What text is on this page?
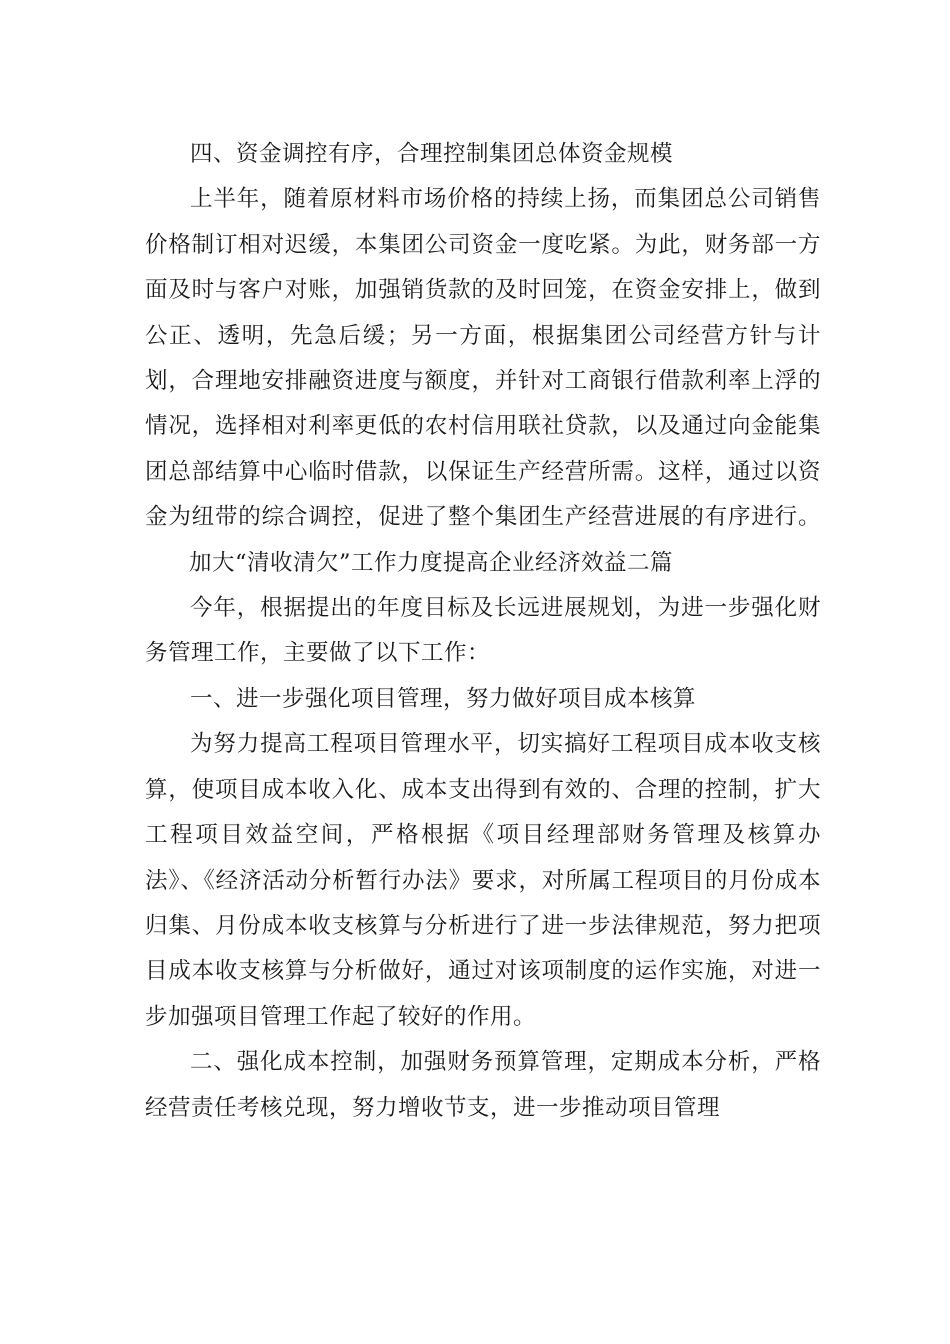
四、资金调控有序，合理控制集团总体资金规模

上半年，随着原材料市场价格的持续上扬，而集团总公司销售价格制订相对迟缓，本集团公司资金一度吃紧。为此，财务部一方面及时与客户对账，加强销货款的及时回笼，在资金安排上，做到公正、透明，先急后缓；另一方面，根据集团公司经营方针与计划，合理地安排融资进度与额度，并针对工商银行借款利率上浮的情况，选择相对利率更低的农村信用联社贷款，以及通过向金能集团总部结算中心临时借款，以保证生产经营所需。这样，通过以资金为纽带的综合调控，促进了整个集团生产经营进展的有序进行。加大“清收清欠”工作力度提高企业经济效益二篇

今年，根据提出的年度目标及长远进展规划，为进一步强化财务管理工作，主要做了以下工作：

一、进一步强化项目管理，努力做好项目成本核算

为努力提高工程项目管理水平，切实搞好工程项目成本收支核算，使项目成本收入化、成本支出得到有效的、合理的控制，扩大工程项目效益空间，严格根据《项目经理部财务管理及核算办法》、《经济活动分析暂行办法》要求，对所属工程项目的月份成本归集、月份成本收支核算与分析进行了进一步法律规范，努力把项目成本收支核算与分析做好，通过对该项制度的运作实施，对进一步加强项目管理工作起了较好的作用。

二、强化成本控制，加强财务预算管理，定期成本分析，严格经营责任考核兑现，努力增收节支，进一步推动项目管理
